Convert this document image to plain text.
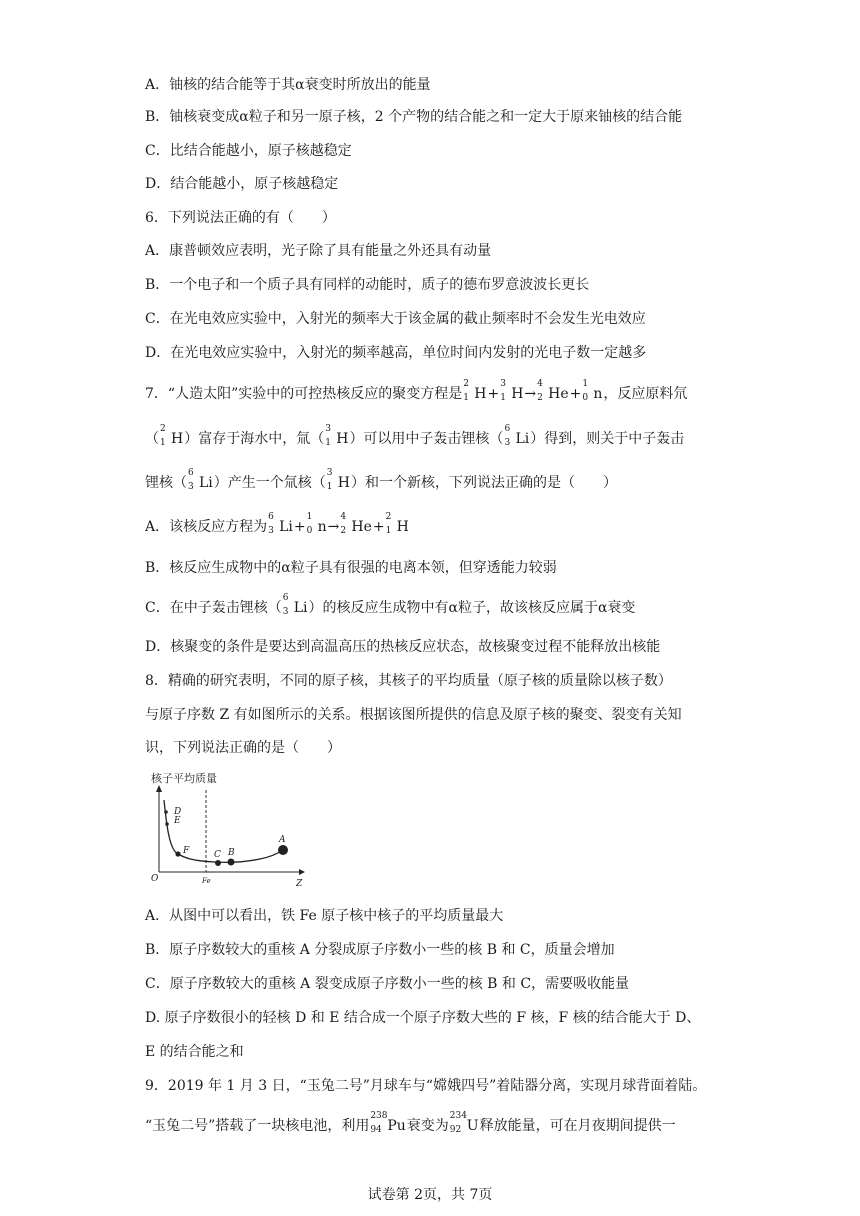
A．铀核的结合能等于其α衰变时所放出的能量
B．铀核衰变成α粒子和另一原子核，2 个产物的结合能之和一定大于原来铀核的结合能
C．比结合能越小，原子核越稳定
D．结合能越小，原子核越稳定
6．下列说法正确的有（　　）
A．康普顿效应表明，光子除了具有能量之外还具有动量
B．一个电子和一个质子具有同样的动能时，质子的德布罗意波波长更长
C．在光电效应实验中，入射光的频率大于该金属的截止频率时不会发生光电效应
D．在光电效应实验中，入射光的频率越高，单位时间内发射的光电子数一定越多
7．“人造太阳”实验中的可控热核反应的聚变方程是
2
1 H+
3
1 H→
4
2 He+
1
0 n，反应原料氘
（
2
1 H）富存于海水中，氚（
3
1 H）可以用中子轰击锂核（
6
3 Li）得到，则关于中子轰击
锂核（
6
3 Li）产生一个氚核（
3
1 H）和一个新核，下列说法正确的是（　　）
A．该核反应方程为
6
3 Li+
1
0 n→
4
2 He+
2
1 H
B．核反应生成物中的α粒子具有很强的电离本领，但穿透能力较弱
C．在中子轰击锂核（
6
3 Li）的核反应生成物中有α粒子，故该核反应属于α衰变
D．核聚变的条件是要达到高温高压的热核反应状态，故核聚变过程不能释放出核能
8．精确的研究表明，不同的原子核，其核子的平均质量（原子核的质量除以核子数）
与原子序数 Z 有如图所示的关系。根据该图所提供的信息及原子核的聚变、裂变有关知
识，下列说法正确的是（　　）
核子平均质量
D
E
F	C B
A
O	Fe	Z
A．从图中可以看出，铁 Fe 原子核中核子的平均质量最大
B．原子序数较大的重核 A 分裂成原子序数小一些的核 B 和 C，质量会增加
C．原子序数较大的重核 A 裂变成原子序数小一些的核 B 和 C，需要吸收能量
D. 原子序数很小的轻核 D 和 E 结合成一个原子序数大些的 F 核，F 核的结合能大于 D、
E 的结合能之和
9．2019 年 1 月 3 日，“玉兔二号”月球车与“嫦娥四号”着陆器分离，实现月球背面着陆。
“玉兔二号”搭载了一块核电池，利用
238
94 Pu衰变为
234
92 U释放能量，可在月夜期间提供一
试卷第 2页，共 7页
